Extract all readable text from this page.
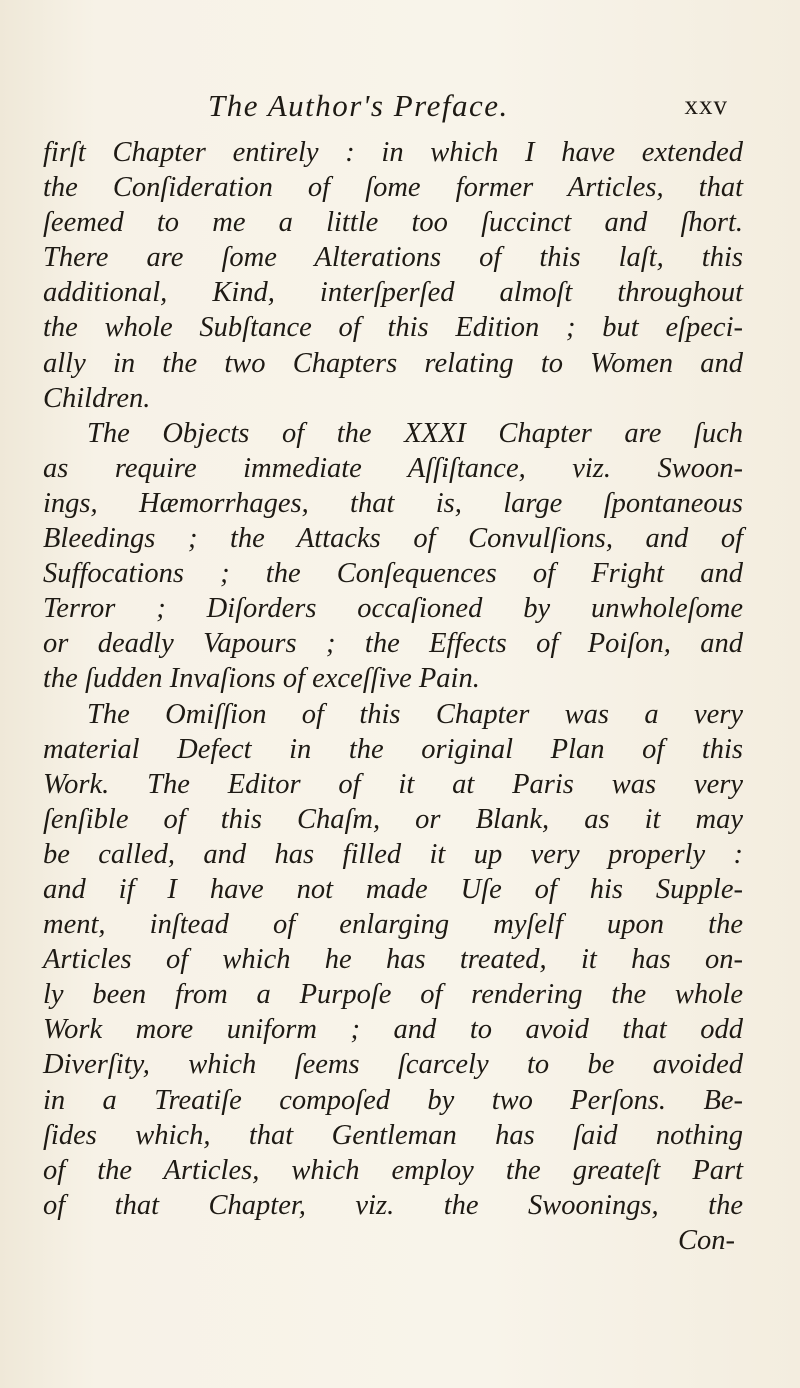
The Author's Preface.	xxv
firſt Chapter entirely : in which I have extended
the Conſideration of ſome former Articles, that
ſeemed to me a little too ſuccinct and ſhort.
There are ſome Alterations of this laſt, this
additional, Kind, interſperſed almoſt throughout
the whole Subſtance of this Edition ; but eſpeci-
ally in the two Chapters relating to Women and
Children.
The Objects of the XXXI Chapter are ſuch
as require immediate Aſſiſtance, viz. Swoon-
ings, Hæmorrhages, that is, large ſpontaneous
Bleedings ; the Attacks of Convulſions, and of
Suffocations ; the Conſequences of Fright and
Terror ; Diſorders occaſioned by unwholeſome
or deadly Vapours ; the Effects of Poiſon, and
the ſudden Invaſions of exceſſive Pain.
The Omiſſion of this Chapter was a very
material Defect in the original Plan of this
Work. The Editor of it at Paris was very
ſenſible of this Chaſm, or Blank, as it may
be called, and has filled it up very properly :
and if I have not made Uſe of his Supple-
ment, inſtead of enlarging myſelf upon the
Articles of which he has treated, it has on-
ly been from a Purpoſe of rendering the whole
Work more uniform ; and to avoid that odd
Diverſity, which ſeems ſcarcely to be avoided
in a Treatiſe compoſed by two Perſons. Be-
ſides which, that Gentleman has ſaid nothing
of the Articles, which employ the greateſt Part
of that Chapter, viz. the Swoonings, the
Con-
